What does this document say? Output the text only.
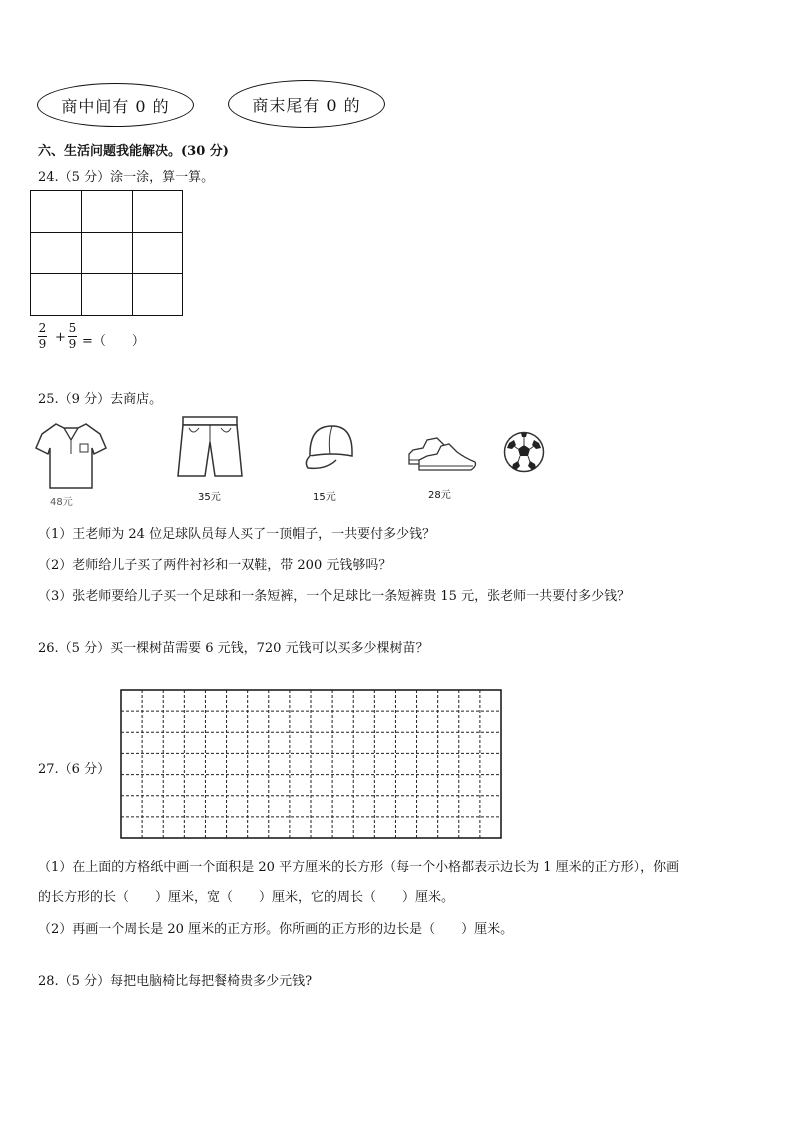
商中间有 0 的	商末尾有 0 的
六、生活问题我能解决。(30 分)
24.（5 分）涂一涂，算一算。
2
9 +
5
9 =（　　）
25.（9 分）去商店。
48元	35元	15元	28元
（1）王老师为 24 位足球队员每人买了一顶帽子，一共要付多少钱？
（2）老师给儿子买了两件衬衫和一双鞋，带 200 元钱够吗？
（3）张老师要给儿子买一个足球和一条短裤，一个足球比一条短裤贵 15 元，张老师一共要付多少钱？
26.（5 分）买一棵树苗需要 6 元钱，720 元钱可以买多少棵树苗？
27.（6 分）
（1）在上面的方格纸中画一个面积是 20 平方厘米的长方形（每一个小格都表示边长为 1 厘米的正方形），你画
的长方形的长（　　）厘米，宽（　　）厘米，它的周长（　　）厘米。
（2）再画一个周长是 20 厘米的正方形。你所画的正方形的边长是（　　）厘米。
28.（5 分）每把电脑椅比每把餐椅贵多少元钱?
